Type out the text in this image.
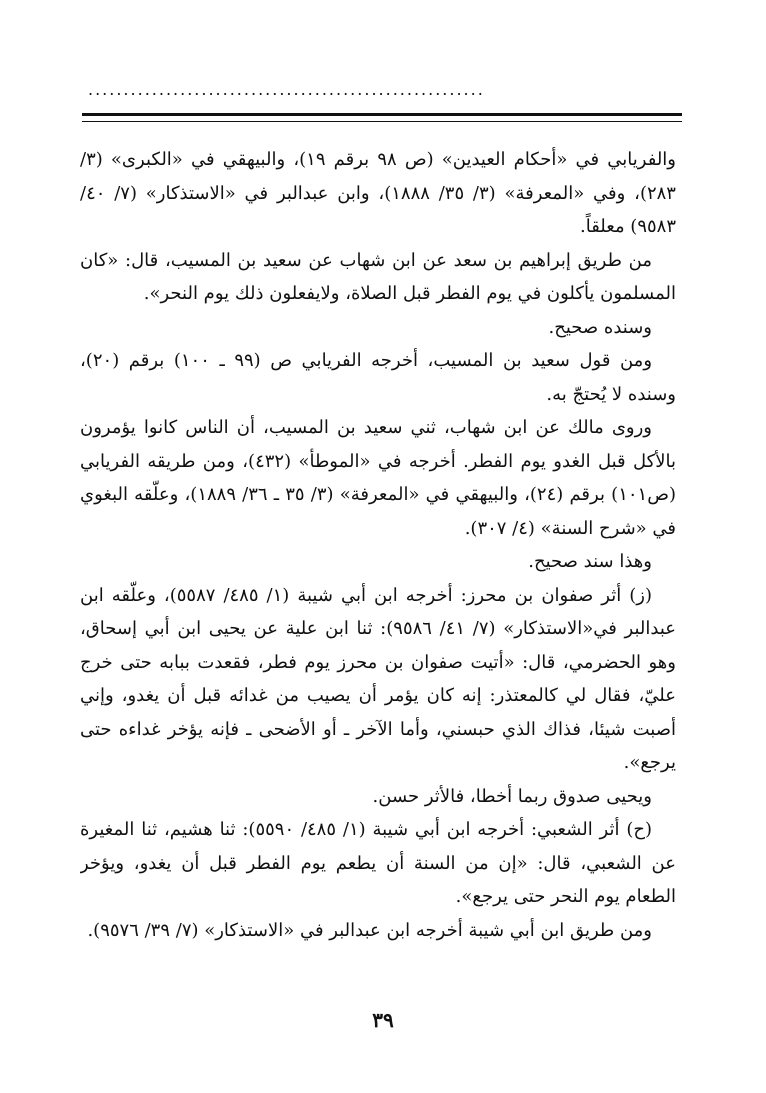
........................................................

والفريابي في «أحكام العيدين» (ص ٩٨ برقم ١٩)، والبيهقي في «الكبرى» (٣/ ٢٨٣)، وفي «المعرفة» (٣/ ٣٥/ ١٨٨٨)، وابن عبدالبر في «الاستذكار» (٧/ ٤٠/ ٩٥٨٣) معلقاً.

من طريق إبراهيم بن سعد عن ابن شهاب عن سعيد بن المسيب، قال: «كان المسلمون يأكلون في يوم الفطر قبل الصلاة، ولايفعلون ذلك يوم النحر».

وسنده صحيح.

ومن قول سعيد بن المسيب، أخرجه الفريابي ص (٩٩ ـ ١٠٠) برقم (٢٠)، وسنده لا يُحتجّ به.

وروى مالك عن ابن شهاب، ثني سعيد بن المسيب، أن الناس كانوا يؤمرون بالأكل قبل الغدو يوم الفطر. أخرجه في «الموطأ» (٤٣٢)، ومن طريقه الفريابي (ص١٠١) برقم (٢٤)، والبيهقي في «المعرفة» (٣/ ٣٥ ـ ٣٦/ ١٨٨٩)، وعلّقه البغوي في «شرح السنة» (٤/ ٣٠٧).

وهذا سند صحيح.

(ز) أثر صفوان بن محرز: أخرجه ابن أبي شيبة (١/ ٤٨٥/ ٥٥٨٧)، وعلّقه ابن عبدالبر في«الاستذكار» (٧/ ٤١/ ٩٥٨٦): ثنا ابن علية عن يحيى ابن أبي إسحاق، وهو الحضرمي، قال: «أتيت صفوان بن محرز يوم فطر، فقعدت ببابه حتى خرج عليّ، فقال لي كالمعتذر: إنه كان يؤمر أن يصيب من غدائه قبل أن يغدو، وإني أصبت شيئا، فذاك الذي حبسني، وأما الآخر ـ أو الأضحى ـ فإنه يؤخر غداءه حتى يرجع».

ويحيى صدوق ربما أخطا، فالأثر حسن.

(ح) أثر الشعبي: أخرجه ابن أبي شيبة (١/ ٤٨٥/ ٥٥٩٠): ثنا هشيم، ثنا المغيرة عن الشعبي، قال: «إن من السنة أن يطعم يوم الفطر قبل أن يغدو، ويؤخر الطعام يوم النحر حتى يرجع».

ومن طريق ابن أبي شيبة أخرجه ابن عبدالبر في «الاستذكار» (٧/ ٣٩/ ٩٥٧٦).

٣٩
